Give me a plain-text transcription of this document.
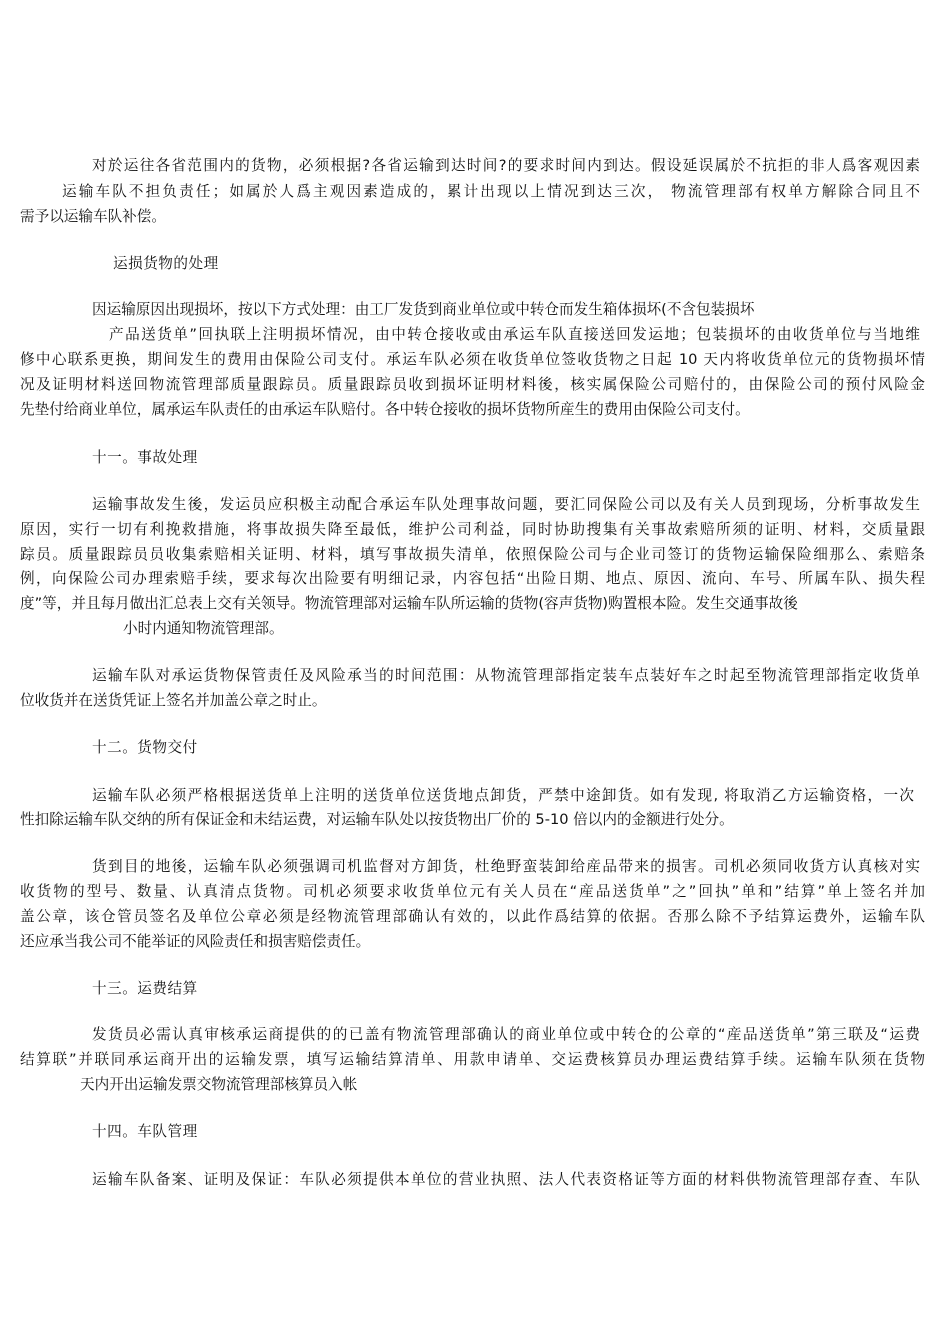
对於运往各省范围内的货物，必须根据?各省运输到达时间?的要求时间内到达。假设延误属於不抗拒的非人爲客观因素
运输车队不担负责任；如属於人爲主观因素造成的，累计出现以上情况到达三次， 物流管理部有权单方解除合同且不
需予以运输车队补偿。
运损货物的处理
因运输原因出现损坏，按以下方式处理：由工厂发货到商业单位或中转仓而发生箱体损坏(不含包装损坏
产品送货单”回执联上注明损坏情况，由中转仓接收或由承运车队直接送回发运地；包装损坏的由收货单位与当地维
修中心联系更换，期间发生的费用由保险公司支付。承运车队必须在收货单位签收货物之日起 10 天内将收货单位元的货物损坏情
况及证明材料送回物流管理部质量跟踪员。质量跟踪员收到损坏证明材料後，核实属保险公司赔付的，由保险公司的预付风险金
先垫付给商业单位，属承运车队责任的由承运车队赔付。各中转仓接收的损坏货物所産生的费用由保险公司支付。
十一。事故处理
运输事故发生後，发运员应积极主动配合承运车队处理事故问题，要汇同保险公司以及有关人员到现场，分析事故发生
原因，实行一切有利挽救措施，将事故损失降至最低，维护公司利益，同时协助搜集有关事故索赔所须的证明、材料，交质量跟
踪员。质量跟踪员员收集索赔相关证明、材料，填写事故损失清单，依照保险公司与企业司签订的货物运输保险细那么、索赔条
例，向保险公司办理索赔手续，要求每次出险要有明细记录，内容包括“出险日期、地点、原因、流向、车号、所属车队、损失程
度”等，并且每月做出汇总表上交有关领导。物流管理部对运输车队所运输的货物(容声货物)购置根本险。发生交通事故後
小时内通知物流管理部。
运输车队对承运货物保管责任及风险承当的时间范围：从物流管理部指定装车点装好车之时起至物流管理部指定收货单
位收货并在送货凭证上签名并加盖公章之时止。
十二。货物交付
运输车队必须严格根据送货单上注明的送货单位送货地点卸货，严禁中途卸货。如有发现, 将取消乙方运输资格，一次
性扣除运输车队交纳的所有保证金和未结运费，对运输车队处以按货物出厂价的 5-10 倍以内的金额进行处分。
货到目的地後，运输车队必须强调司机监督对方卸货，杜绝野蛮装卸给産品带来的损害。司机必须同收货方认真核对实
收货物的型号、数量、认真清点货物。司机必须要求收货单位元有关人员在“産品送货单”之”回执”单和”结算”单上签名并加
盖公章，该仓管员签名及单位公章必须是经物流管理部确认有效的，以此作爲结算的依据。否那么除不予结算运费外，运输车队
还应承当我公司不能举证的风险责任和损害赔偿责任。
十三。运费结算
发货员必需认真审核承运商提供的的已盖有物流管理部确认的商业单位或中转仓的公章的“産品送货单”第三联及“运费
结算联”并联同承运商开出的运输发票，填写运输结算清单、用款申请单、交运费核算员办理运费结算手续。运输车队须在货物
天内开出运输发票交物流管理部核算员入帐
十四。车队管理
运输车队备案、证明及保证：车队必须提供本单位的营业执照、法人代表资格证等方面的材料供物流管理部存查、车队
